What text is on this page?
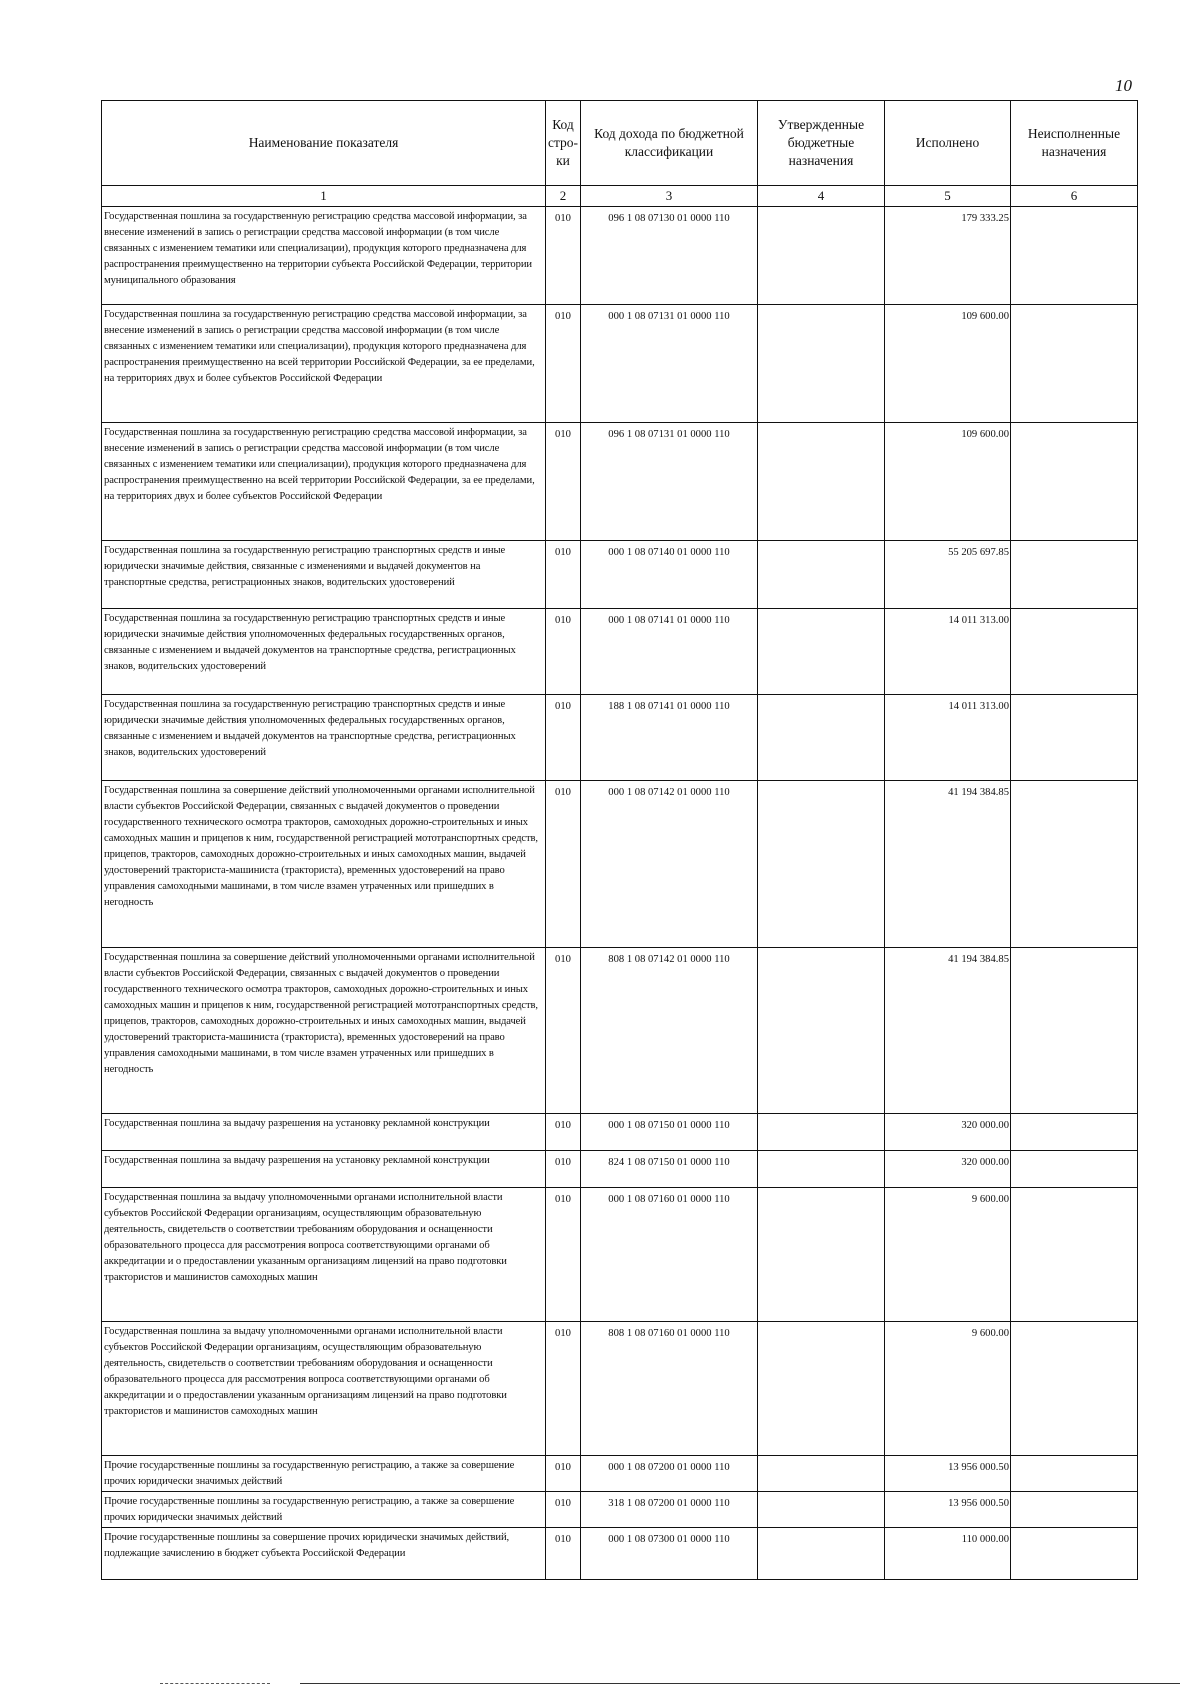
10
Наименование показателя	Код стро-ки	Код дохода по бюджетной классификации	Утвержденные бюджетные назначения	Исполнено	Неисполненные назначения
1	2	3	4	5	6
Государственная пошлина за государственную регистрацию средства массовой информации, за внесение изменений в запись о регистрации средства массовой информации (в том числе связанных с изменением тематики или специализации), продукция которого предназначена для распространения преимущественно на территории субъекта Российской Федерации, территории муниципального образования	010	096 1 08 07130 01 0000 110		179 333.25	
Государственная пошлина за государственную регистрацию средства массовой информации, за внесение изменений в запись о регистрации средства массовой информации (в том числе связанных с изменением тематики или специализации), продукция которого предназначена для распространения преимущественно на всей территории Российской Федерации, за ее пределами, на территориях двух и более субъектов Российской Федерации	010	000 1 08 07131 01 0000 110		109 600.00	
Государственная пошлина за государственную регистрацию средства массовой информации, за внесение изменений в запись о регистрации средства массовой информации (в том числе связанных с изменением тематики или специализации), продукция которого предназначена для распространения преимущественно на всей территории Российской Федерации, за ее пределами, на территориях двух и более субъектов Российской Федерации	010	096 1 08 07131 01 0000 110		109 600.00	
Государственная пошлина за государственную регистрацию транспортных средств и иные юридически значимые действия, связанные с изменениями и выдачей документов на транспортные средства, регистрационных знаков, водительских удостоверений	010	000 1 08 07140 01 0000 110		55 205 697.85	
Государственная пошлина за государственную регистрацию транспортных средств и иные юридически значимые действия уполномоченных федеральных государственных органов, связанные с изменением и выдачей документов на транспортные средства, регистрационных знаков, водительских удостоверений	010	000 1 08 07141 01 0000 110		14 011 313.00	
Государственная пошлина за государственную регистрацию транспортных средств и иные юридически значимые действия уполномоченных федеральных государственных органов, связанные с изменением и выдачей документов на транспортные средства, регистрационных знаков, водительских удостоверений	010	188 1 08 07141 01 0000 110		14 011 313.00	
Государственная пошлина за совершение действий уполномоченными органами исполнительной власти субъектов Российской Федерации, связанных с выдачей документов о проведении государственного технического осмотра тракторов, самоходных дорожно-строительных и иных самоходных машин и прицепов к ним, государственной регистрацией мототранспортных средств, прицепов, тракторов, самоходных дорожно-строительных и иных самоходных машин, выдачей удостоверений тракториста-машиниста (тракториста), временных удостоверений на право управления самоходными машинами, в том числе взамен утраченных или пришедших в негодность	010	000 1 08 07142 01 0000 110		41 194 384.85	
Государственная пошлина за совершение действий уполномоченными органами исполнительной власти субъектов Российской Федерации, связанных с выдачей документов о проведении государственного технического осмотра тракторов, самоходных дорожно-строительных и иных самоходных машин и прицепов к ним, государственной регистрацией мототранспортных средств, прицепов, тракторов, самоходных дорожно-строительных и иных самоходных машин, выдачей удостоверений тракториста-машиниста (тракториста), временных удостоверений на право управления самоходными машинами, в том числе взамен утраченных или пришедших в негодность	010	808 1 08 07142 01 0000 110		41 194 384.85	
Государственная пошлина за выдачу разрешения на установку рекламной конструкции	010	000 1 08 07150 01 0000 110		320 000.00	
Государственная пошлина за выдачу разрешения на установку рекламной конструкции	010	824 1 08 07150 01 0000 110		320 000.00	
Государственная пошлина за выдачу уполномоченными органами исполнительной власти субъектов Российской Федерации организациям, осуществляющим образовательную деятельность, свидетельств о соответствии требованиям оборудования и оснащенности образовательного процесса для рассмотрения вопроса соответствующими органами об аккредитации и о предоставлении указанным организациям лицензий на право подготовки трактористов и машинистов самоходных машин	010	000 1 08 07160 01 0000 110		9 600.00	
Государственная пошлина за выдачу уполномоченными органами исполнительной власти субъектов Российской Федерации организациям, осуществляющим образовательную деятельность, свидетельств о соответствии требованиям оборудования и оснащенности образовательного процесса для рассмотрения вопроса соответствующими органами об аккредитации и о предоставлении указанным организациям лицензий на право подготовки трактористов и машинистов самоходных машин	010	808 1 08 07160 01 0000 110		9 600.00	
Прочие государственные пошлины за государственную регистрацию, а также за совершение прочих юридически значимых действий	010	000 1 08 07200 01 0000 110		13 956 000.50	
Прочие государственные пошлины за государственную регистрацию, а также за совершение прочих юридически значимых действий	010	318 1 08 07200 01 0000 110		13 956 000.50	
Прочие государственные пошлины за совершение прочих юридически значимых действий, подлежащие зачислению в бюджет субъекта Российской Федерации	010	000 1 08 07300 01 0000 110		110 000.00	
